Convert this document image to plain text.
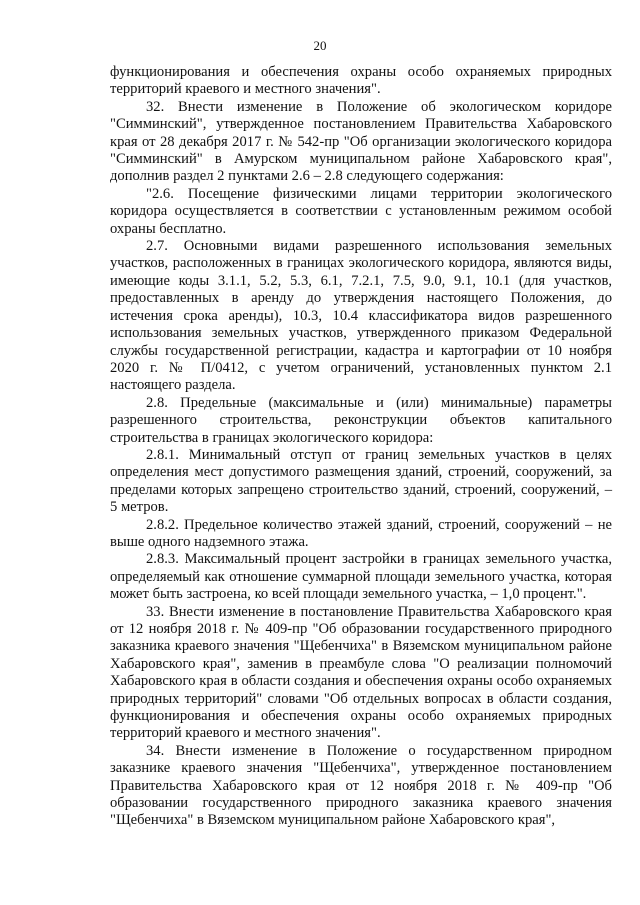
20

функционирования и обеспечения охраны особо охраняемых природных территорий краевого и местного значения".

32. Внести изменение в Положение об экологическом коридоре "Симминский", утвержденное постановлением Правительства Хабаровского края от 28 декабря 2017 г. № 542-пр "Об организации экологического коридора "Симминский" в Амурском муниципальном районе Хабаровского края", дополнив раздел 2 пунктами 2.6 – 2.8 следующего содержания:

"2.6. Посещение физическими лицами территории экологического коридора осуществляется в соответствии с установленным режимом особой охраны бесплатно.

2.7. Основными видами разрешенного использования земельных участков, расположенных в границах экологического коридора, являются виды, имеющие коды 3.1.1, 5.2, 5.3, 6.1, 7.2.1, 7.5, 9.0, 9.1, 10.1 (для участков, предоставленных в аренду до утверждения настоящего Положения, до истечения срока аренды), 10.3, 10.4 классификатора видов разрешенного использования земельных участков, утвержденного приказом Федеральной службы государственной регистрации, кадастра и картографии от 10 ноября 2020 г. № П/0412, с учетом ограничений, установленных пунктом 2.1 настоящего раздела.

2.8. Предельные (максимальные и (или) минимальные) параметры разрешенного строительства, реконструкции объектов капитального строительства в границах экологического коридора:

2.8.1. Минимальный отступ от границ земельных участков в целях определения мест допустимого размещения зданий, строений, сооружений, за пределами которых запрещено строительство зданий, строений, сооружений, – 5 метров.

2.8.2. Предельное количество этажей зданий, строений, сооружений – не выше одного надземного этажа.

2.8.3. Максимальный процент застройки в границах земельного участка, определяемый как отношение суммарной площади земельного участка, которая может быть застроена, ко всей площади земельного участка, – 1,0 процент.".

33. Внести изменение в постановление Правительства Хабаровского края от 12 ноября 2018 г. № 409-пр "Об образовании государственного природного заказника краевого значения "Щебенчиха" в Вяземском муниципальном районе Хабаровского края", заменив в преамбуле слова "О реализации полномочий Хабаровского края в области создания и обеспечения охраны особо охраняемых природных территорий" словами "Об отдельных вопросах в области создания, функционирования и обеспечения охраны особо охраняемых природных территорий краевого и местного значения".

34. Внести изменение в Положение о государственном природном заказнике краевого значения "Щебенчиха", утвержденное постановлением Правительства Хабаровского края от 12 ноября 2018 г. № 409-пр "Об образовании государственного природного заказника краевого значения "Щебенчиха" в Вяземском муниципальном районе Хабаровского края",
